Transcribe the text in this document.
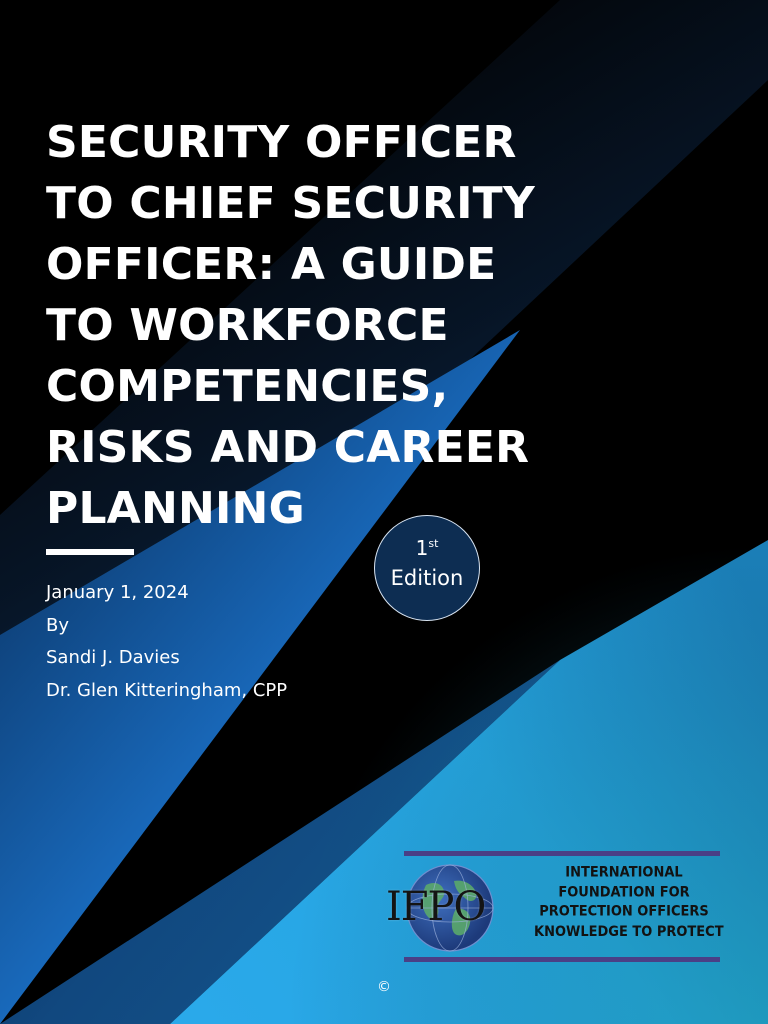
SECURITY OFFICER
TO CHIEF SECURITY
OFFICER: A GUIDE
TO WORKFORCE
COMPETENCIES,
RISKS AND CAREER
PLANNING
1st
Edition
January 1, 2024
By
Sandi J. Davies
Dr. Glen Kitteringham, CPP
IFPO
INTERNATIONAL
FOUNDATION FOR
PROTECTION OFFICERS
KNOWLEDGE TO PROTECT
©
